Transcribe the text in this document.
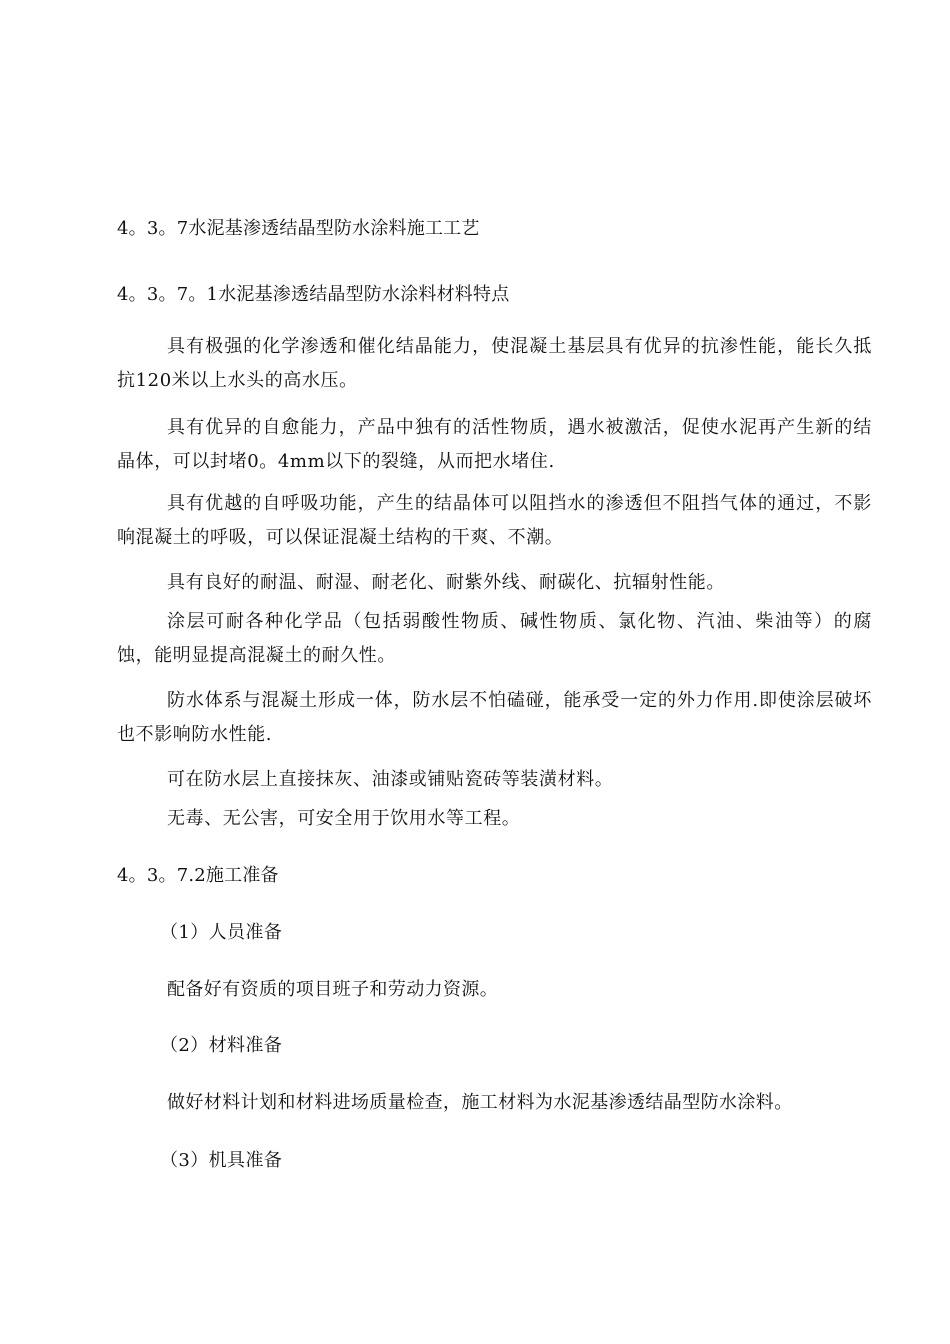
4。3。7水泥基渗透结晶型防水涂料施工工艺
4。3。7。1水泥基渗透结晶型防水涂料材料特点

具有极强的化学渗透和催化结晶能力，使混凝土基层具有优异的抗渗性能，能长久抵抗120米以上水头的高水压。

具有优异的自愈能力，产品中独有的活性物质，遇水被激活，促使水泥再产生新的结晶体，可以封堵0。4mm以下的裂缝，从而把水堵住.

具有优越的自呼吸功能，产生的结晶体可以阻挡水的渗透但不阻挡气体的通过，不影响混凝土的呼吸，可以保证混凝土结构的干爽、不潮。

具有良好的耐温、耐湿、耐老化、耐紫外线、耐碳化、抗辐射性能。

涂层可耐各种化学品（包括弱酸性物质、碱性物质、氯化物、汽油、柴油等）的腐蚀，能明显提高混凝土的耐久性。

防水体系与混凝土形成一体，防水层不怕磕碰，能承受一定的外力作用.即使涂层破坏也不影响防水性能.

可在防水层上直接抹灰、油漆或铺贴瓷砖等装潢材料。

无毒、无公害，可安全用于饮用水等工程。

4。3。7.2施工准备
（1）人员准备
配备好有资质的项目班子和劳动力资源。
（2）材料准备
做好材料计划和材料进场质量检查，施工材料为水泥基渗透结晶型防水涂料。
（3）机具准备
